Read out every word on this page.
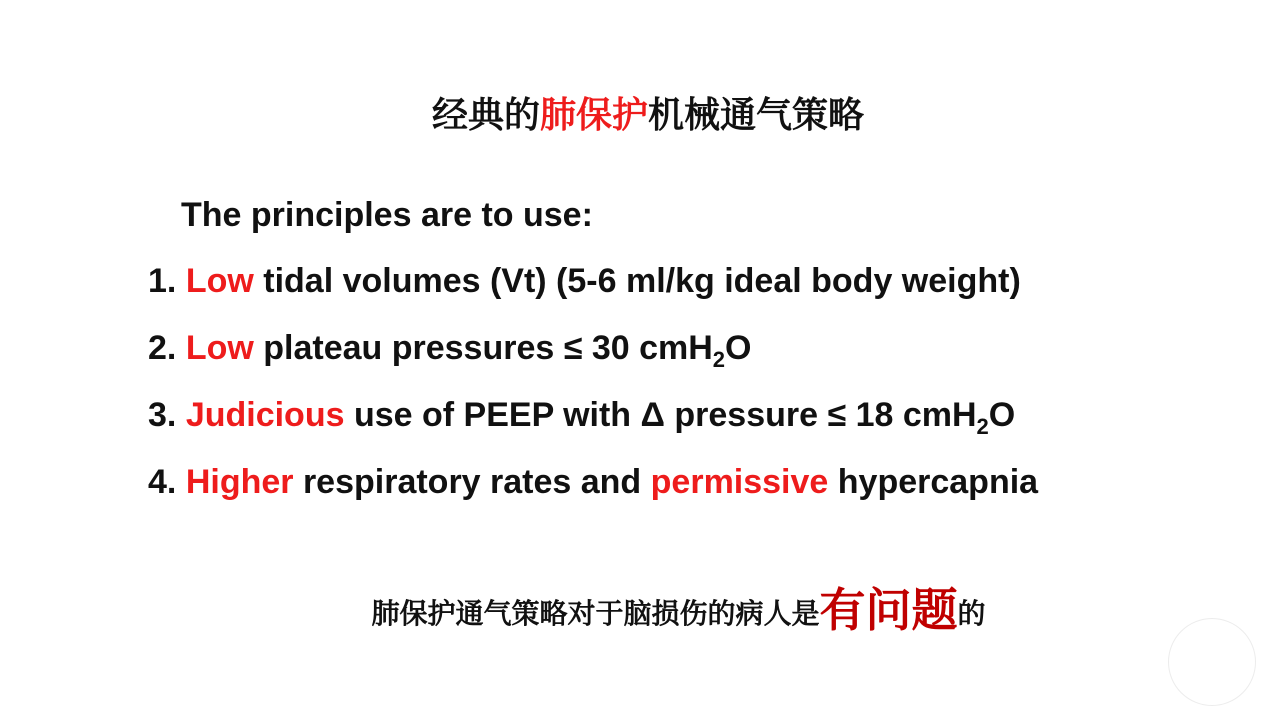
经典的肺保护机械通气策略
The principles are to use:
1. Low tidal volumes (Vt) (5-6 ml/kg ideal body weight)
2. Low plateau pressures ≤ 30 cmH$_2$O
3. Judicious use of PEEP with Δ pressure ≤ 18 cmH$_2$O
4. Higher respiratory rates and permissive hypercapnia
肺保护通气策略对于脑损伤的病人是有问题的
